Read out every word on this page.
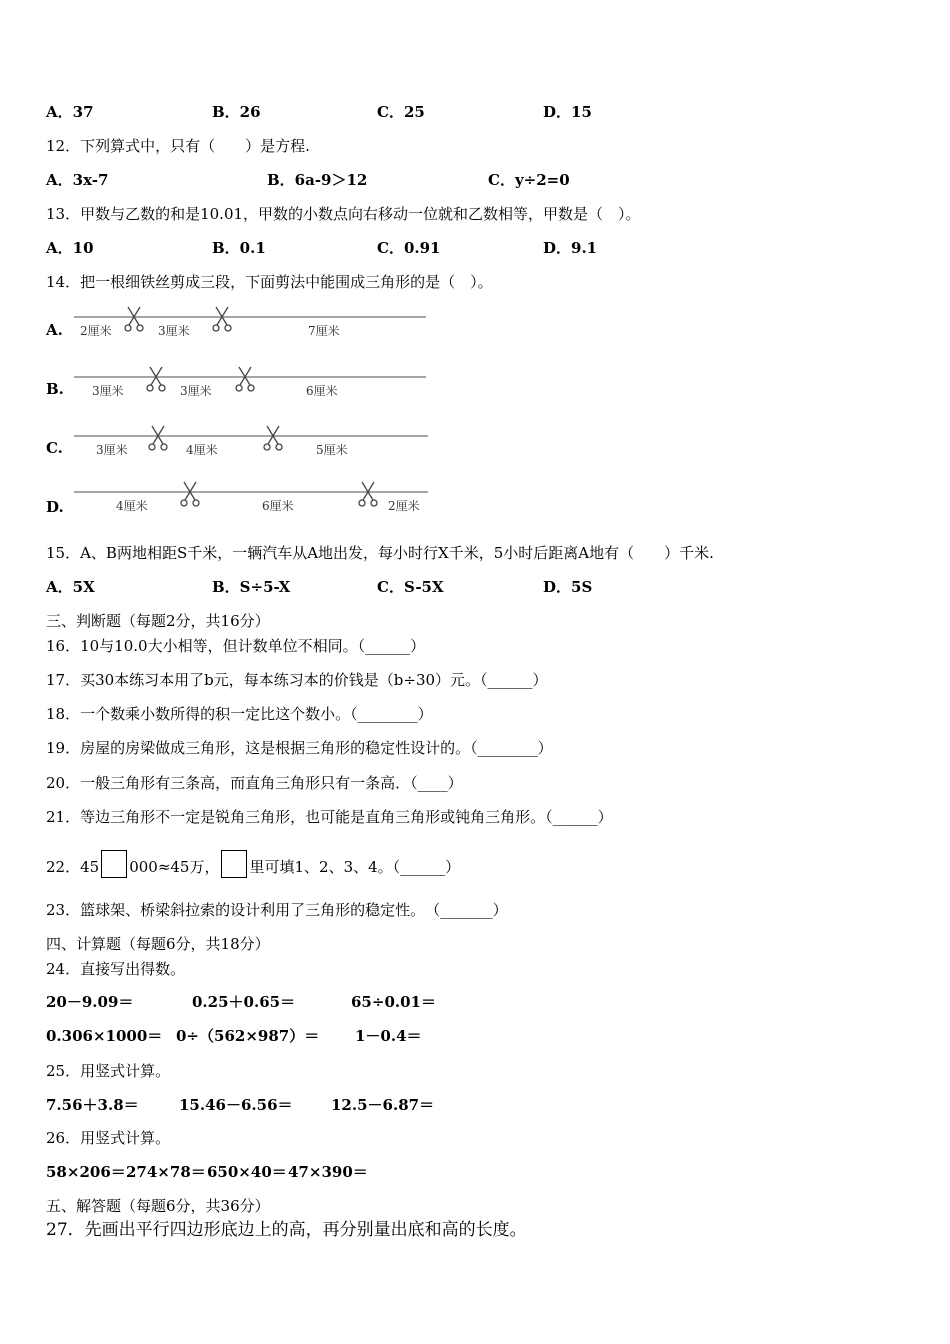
A．37	B．26	C．25	D．15
12．下列算式中，只有（　　）是方程.
A．3x-7	B．6a-9＞12	C．y÷2=0
13．甲数与乙数的和是10.01，甲数的小数点向右移动一位就和乙数相等，甲数是（　）。
A．10	B．0.1	C．0.91	D．9.1
14．把一根细铁丝剪成三段，下面剪法中能围成三角形的是（　）。
A. 2厘米	3厘米	7厘米
B. 3厘米	3厘米	6厘米
C.	3厘米	4厘米	5厘米
D.	4厘米	6厘米	2厘米
15．A、B两地相距S千米，一辆汽车从A地出发，每小时行X千米，5小时后距离A地有（　　）千米.
A．5X	B．S÷5-X	C．S-5X	D．5S
三、判断题（每题2分，共16分）
16．10与10.0大小相等，但计数单位不相同。（______）
17．买30本练习本用了b元，每本练习本的价钱是（b÷30）元。（______）
18．一个数乘小数所得的积一定比这个数小。（________）
19．房屋的房梁做成三角形，这是根据三角形的稳定性设计的。（________）
20．一般三角形有三条高，而直角三角形只有一条高．（____）
21．等边三角形不一定是锐角三角形，也可能是直角三角形或钝角三角形。（______）
22．45 000≈45万， 里可填1、2、3、4。（______）
23．篮球架、桥梁斜拉索的设计利用了三角形的稳定性。　（_______）
四、计算题（每题6分，共18分）
24．直接写出得数。
20－9.09＝	0.25＋0.65＝	65÷0.01＝
0.306×1000＝ 0÷（562×987）＝ 1－0.4＝
25．用竖式计算。
7.56＋3.8＝	15.46－6.56＝	12.5－6.87＝
26．用竖式计算。
58×206＝ 274×78＝ 650×40＝ 47×390＝
五、解答题（每题6分，共36分）
27．先画出平行四边形底边上的高，再分别量出底和高的长度。
